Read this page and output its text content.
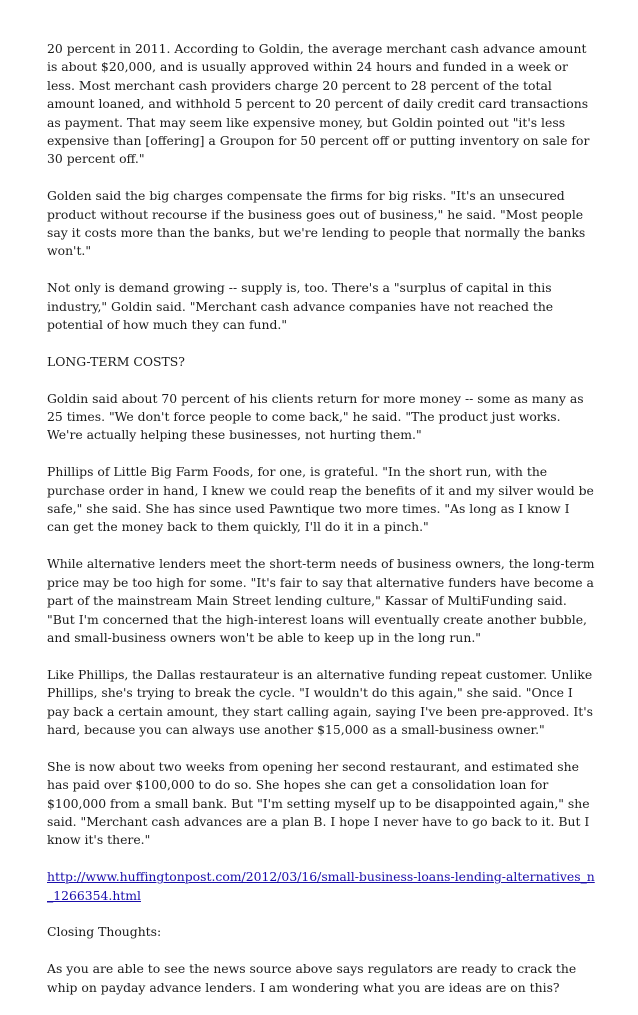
20 percent in 2011. According to Goldin, the average merchant cash advance amount is about $20,000, and is usually approved within 24 hours and funded in a week or less. Most merchant cash providers charge 20 percent to 28 percent of the total amount loaned, and withhold 5 percent to 20 percent of daily credit card transactions as payment. That may seem like expensive money, but Goldin pointed out "it's less expensive than [offering] a Groupon for 50 percent off or putting inventory on sale for 30 percent off."

Golden said the big charges compensate the firms for big risks. "It's an unsecured product without recourse if the business goes out of business," he said. "Most people say it costs more than the banks, but we're lending to people that normally the banks won't."

Not only is demand growing -- supply is, too. There's a "surplus of capital in this industry," Goldin said. "Merchant cash advance companies have not reached the potential of how much they can fund."

LONG-TERM COSTS?

Goldin said about 70 percent of his clients return for more money -- some as many as 25 times. "We don't force people to come back," he said. "The product just works. We're actually helping these businesses, not hurting them."

Phillips of Little Big Farm Foods, for one, is grateful. "In the short run, with the purchase order in hand, I knew we could reap the benefits of it and my silver would be safe," she said. She has since used Pawntique two more times. "As long as I know I can get the money back to them quickly, I'll do it in a pinch."

While alternative lenders meet the short-term needs of business owners, the long-term price may be too high for some. "It's fair to say that alternative funders have become a part of the mainstream Main Street lending culture," Kassar of MultiFunding said. "But I'm concerned that the high-interest loans will eventually create another bubble, and small-business owners won't be able to keep up in the long run."

Like Phillips, the Dallas restaurateur is an alternative funding repeat customer. Unlike Phillips, she's trying to break the cycle. "I wouldn't do this again," she said. "Once I pay back a certain amount, they start calling again, saying I've been pre-approved. It's hard, because you can always use another $15,000 as a small-business owner."

She is now about two weeks from opening her second restaurant, and estimated she has paid over $100,000 to do so. She hopes she can get a consolidation loan for $100,000 from a small bank. But "I'm setting myself up to be disappointed again," she said. "Merchant cash advances are a plan B. I hope I never have to go back to it. But I know it's there."

http://www.huffingtonpost.com/2012/03/16/small-business-loans-lending-alternatives_n_1266354.html

Closing Thoughts:

As you are able to see the news source above says regulators are ready to crack the whip on payday advance lenders. I am wondering what you are ideas are on this?
